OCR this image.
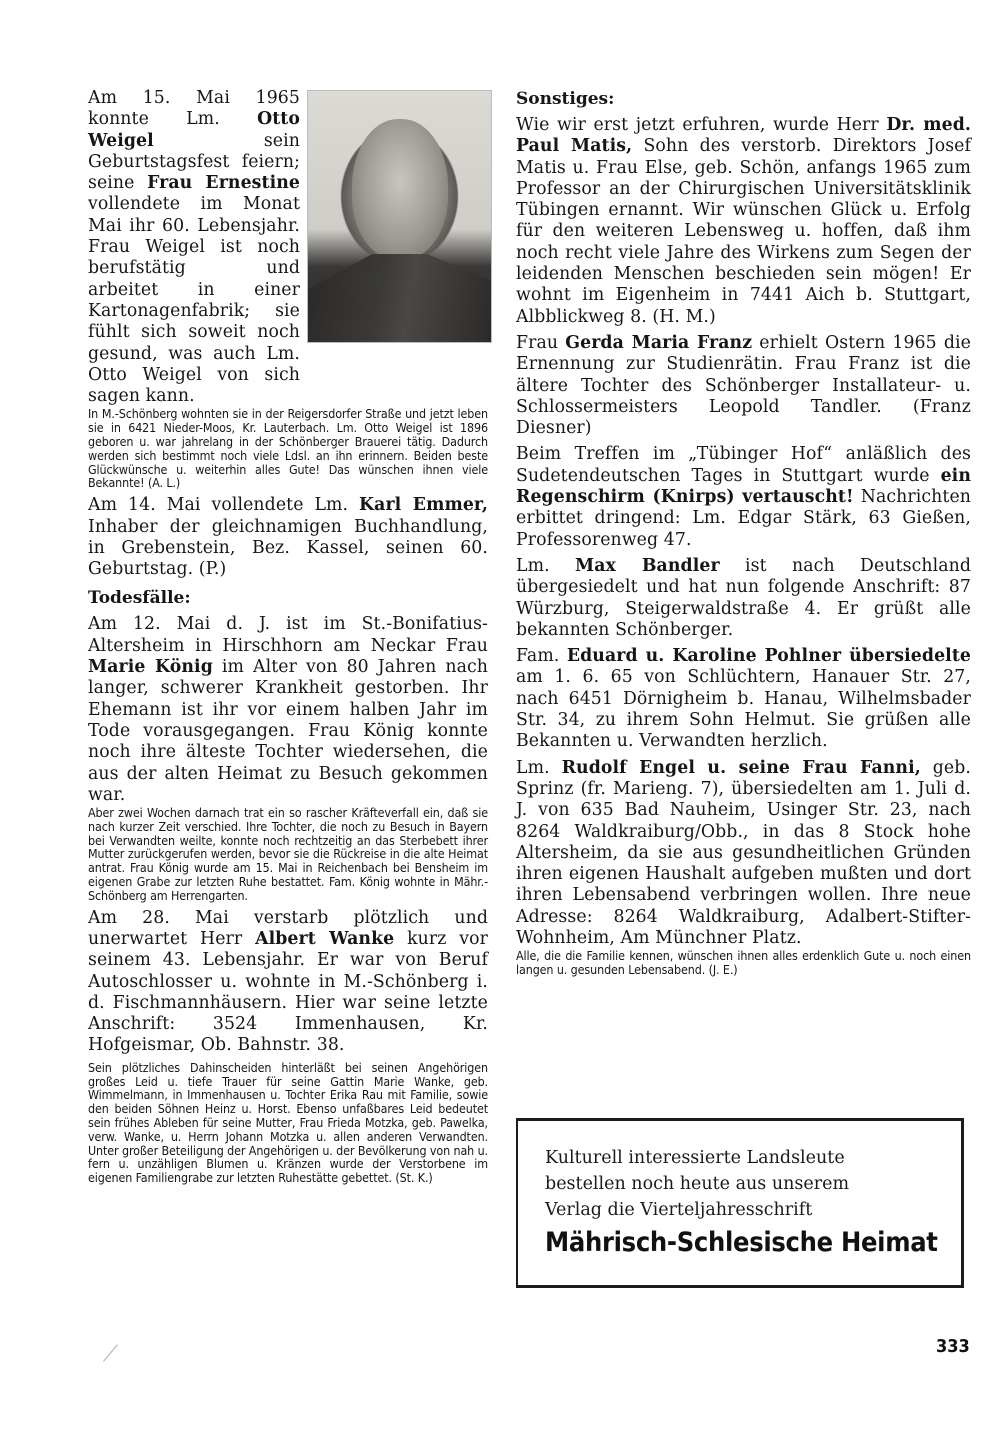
Am 15. Mai 1965 konnte Lm. Otto Weigel	sein Geburtstagsfest feiern; seine Frau Ernestine vollendete im Monat Mai ihr 60. Lebensjahr. Frau Weigel ist noch berufstätig und arbeitet in einer Kartonagenfabrik; sie fühlt sich soweit noch gesund, was auch Lm. Otto Weigel von sich sagen kann.

In M.-Schönberg wohnten sie in der Reigersdorfer Straße und jetzt leben sie in 6421 Nieder-Moos, Kr. Lauterbach. Lm. Otto Weigel ist 1896 geboren u. war jahrelang in der Schönberger Brauerei tätig. Dadurch werden sich bestimmt noch viele Ldsl. an ihn erinnern. Beiden beste Glückwünsche u. weiterhin alles Gute! Das wünschen ihnen viele Bekannte! (A. L.)

Am 14. Mai vollendete Lm. Karl Emmer, Inhaber der gleichnamigen Buchhandlung, in Grebenstein, Bez. Kassel, seinen 60. Geburtstag. (P.)

Todesfälle:

Am 12. Mai d. J. ist im St.-Bonifatius-Altersheim in Hirschhorn am Neckar Frau Marie König im Alter von 80 Jahren nach langer, schwerer Krankheit gestorben. Ihr Ehemann ist ihr vor einem halben Jahr im Tode vorausgegangen. Frau König konnte noch ihre älteste Tochter wiedersehen, die aus der alten Heimat zu Besuch gekommen war.

Aber zwei Wochen darnach trat ein so rascher Kräfteverfall ein, daß sie nach kurzer Zeit verschied. Ihre Tochter, die noch zu Besuch in Bayern bei Verwandten weilte, konnte noch rechtzeitig an das Sterbebett ihrer Mutter zurückgerufen werden, bevor sie die Rückreise in die alte Heimat antrat. Frau König wurde am 15. Mai in Reichenbach bei Bensheim im eigenen Grabe zur letzten Ruhe bestattet. Fam. König wohnte in Mähr.-Schönberg am Herrengarten.

Am 28. Mai verstarb plötzlich und unerwartet Herr Albert Wanke kurz vor seinem 43. Lebensjahr. Er war von Beruf Autoschlosser u. wohnte in M.-Schönberg i. d. Fischmannhäusern. Hier war seine letzte Anschrift: 3524 Immenhausen, Kr. Hofgeismar, Ob. Bahnstr. 38.

Sein plötzliches Dahinscheiden hinterläßt bei seinen Angehörigen großes Leid u. tiefe Trauer für seine Gattin Marie Wanke, geb. Wimmelmann, in Immenhausen u. Tochter Erika Rau mit Familie, sowie den beiden Söhnen Heinz u. Horst. Ebenso unfaßbares Leid bedeutet sein frühes Ableben für seine Mutter, Frau Frieda Motzka, geb. Pawelka, verw. Wanke, u. Herrn Johann Motzka u. allen anderen Verwandten. Unter großer Beteiligung der Angehörigen u. der Bevölkerung von nah u. fern u. unzähligen Blumen u. Kränzen wurde der Verstorbene im eigenen Familiengrabe zur letzten Ruhestätte gebettet. (St. K.)

Sonstiges:

Wie wir erst jetzt erfuhren, wurde Herr Dr. med. Paul Matis, Sohn des verstorb. Direktors Josef Matis u. Frau Else, geb. Schön, anfangs 1965 zum Professor an der Chirurgischen Universitätsklinik Tübingen ernannt. Wir wünschen Glück u. Erfolg für den weiteren Lebensweg u. hoffen, daß ihm noch recht viele Jahre des Wirkens zum Segen der leidenden Menschen beschieden sein mögen! Er wohnt im Eigenheim in 7441 Aich b. Stuttgart, Albblickweg 8. (H. M.)

Frau Gerda Maria Franz erhielt Ostern 1965 die Ernennung zur Studienrätin. Frau Franz ist die ältere Tochter des Schönberger Installateur- u. Schlossermeisters Leopold Tandler. (Franz Diesner)

Beim Treffen im „Tübinger Hof“ anläßlich des Sudetendeutschen Tages in Stuttgart wurde ein Regenschirm (Knirps) vertauscht! Nachrichten erbittet dringend: Lm. Edgar Stärk, 63 Gießen, Professorenweg 47.

Lm. Max Bandler ist nach Deutschland übergesiedelt und hat nun folgende Anschrift: 87 Würzburg, Steigerwaldstraße 4. Er grüßt alle bekannten Schönberger.

Fam. Eduard u. Karoline Pohlner übersiedelte am 1. 6. 65 von Schlüchtern, Hanauer Str. 27, nach 6451 Dörnigheim b. Hanau, Wilhelmsbader Str. 34, zu ihrem Sohn Helmut. Sie grüßen alle Bekannten u. Verwandten herzlich.

Lm. Rudolf Engel u. seine Frau Fanni, geb. Sprinz (fr. Marieng. 7), übersiedelten am 1. Juli d. J. von 635 Bad Nauheim, Usinger Str. 23, nach 8264 Waldkraiburg/Obb., in das 8 Stock hohe Altersheim, da sie aus gesundheitlichen Gründen ihren eigenen Haushalt aufgeben mußten und dort ihren Lebensabend verbringen wollen. Ihre neue Adresse: 8264 Waldkraiburg, Adalbert-Stifter-Wohnheim, Am Münchner Platz.

Alle, die die Familie kennen, wünschen ihnen alles erdenklich Gute u. noch einen langen u. gesunden Lebensabend. (J. E.)

Kulturell interessierte Landsleute
bestellen noch heute aus unserem
Verlag die Vierteljahresschrift
Mährisch-Schlesische Heimat
333
